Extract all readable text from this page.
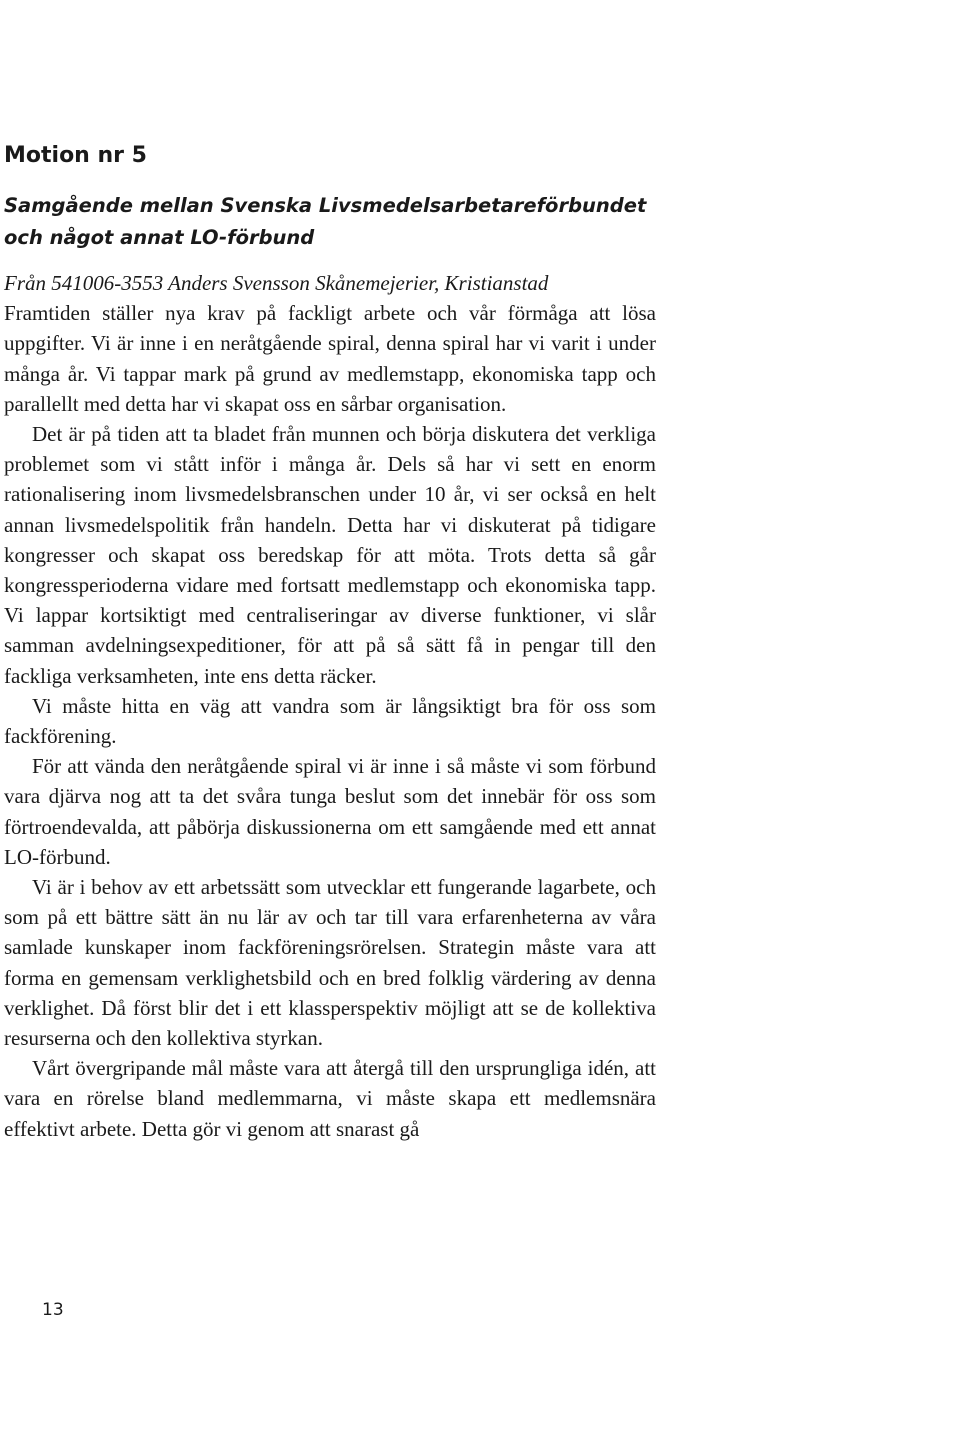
Motion nr 5
Samgående mellan Svenska Livsmedelsarbetareförbundet och något annat LO-förbund

Från 541006-3553 Anders Svensson Skånemejerier, Kristianstad

Framtiden ställer nya krav på fackligt arbete och vår förmåga att lösa uppgifter. Vi är inne i en neråtgående spiral, denna spiral har vi varit i under många år. Vi tappar mark på grund av medlemstapp, ekonomiska tapp och parallellt med detta har vi skapat oss en sårbar organisation.

Det är på tiden att ta bladet från munnen och börja diskutera det verkliga problemet som vi stått inför i många år. Dels så har vi sett en enorm rationalisering inom livsmedelsbranschen under 10 år, vi ser också en helt annan livsmedelspolitik från handeln. Detta har vi diskuterat på tidigare kongresser och skapat oss beredskap för att möta. Trots detta så går kongressperioderna vidare med fortsatt medlemstapp och ekonomiska tapp. Vi lappar kortsiktigt med centraliseringar av diverse funktioner, vi slår samman avdelningsexpeditioner, för att på så sätt få in pengar till den fackliga verksamheten, inte ens detta räcker.

Vi måste hitta en väg att vandra som är långsiktigt bra för oss som fackförening.

För att vända den neråtgående spiral vi är inne i så måste vi som förbund vara djärva nog att ta det svåra tunga beslut som det innebär för oss som förtroendevalda, att påbörja diskussionerna om ett samgående med ett annat LO-förbund.

Vi är i behov av ett arbetssätt som utvecklar ett fungerande lagarbete, och som på ett bättre sätt än nu lär av och tar till vara erfarenheterna av våra samlade kunskaper inom fackföreningsrörelsen. Strategin måste vara att forma en gemensam verklighetsbild och en bred folklig värdering av denna verklighet. Då först blir det i ett klassperspektiv möjligt att se de kollektiva resurserna och den kollektiva styrkan.

Vårt övergripande mål måste vara att återgå till den ursprungliga idén, att vara en rörelse bland medlemmarna, vi måste skapa ett medlemsnära effektivt arbete. Detta gör vi genom att snarast gå

13
